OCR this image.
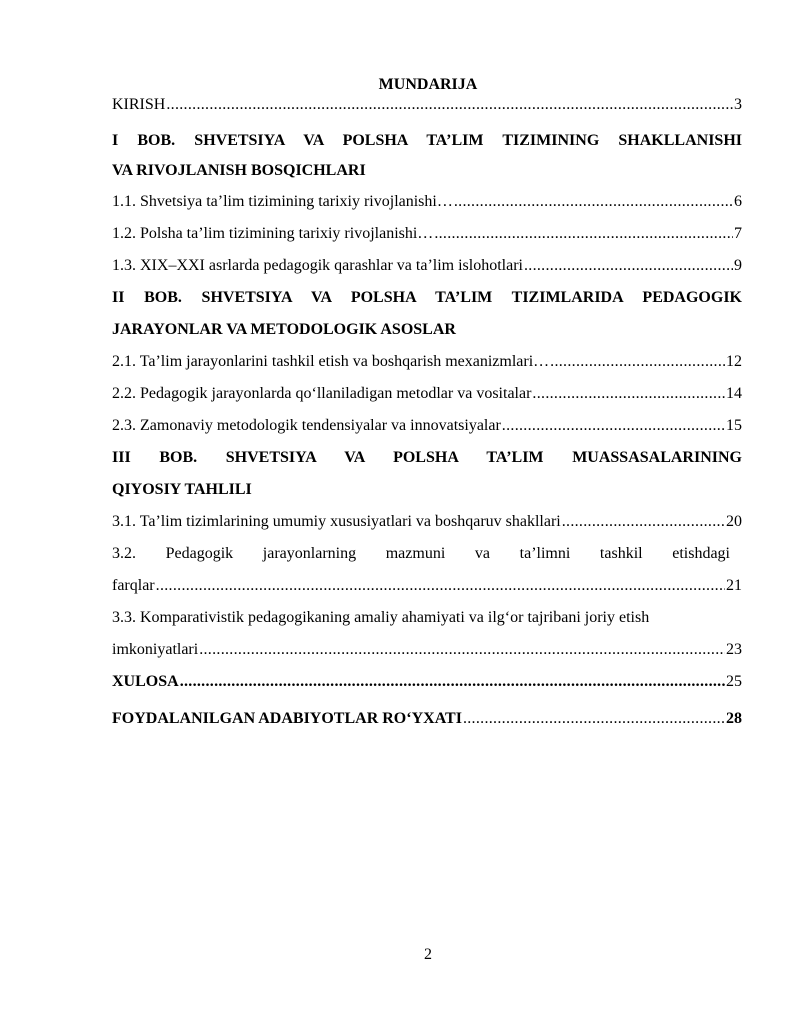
MUNDARIJA
KIRISH .....	3
I BOB. SHVETSIYA VA POLSHA TA’LIM TIZIMINING SHAKLLANISHI
VA RIVOJLANISH BOSQICHLARI
1.1. Shvetsiya ta’lim tizimining tarixiy rivojlanishi… .....	6
1.2. Polsha ta’lim tizimining tarixiy rivojlanishi… .....	7
1.3. XIX–XXI asrlarda pedagogik qarashlar va ta’lim islohotlari .....	9
II BOB. SHVETSIYA VA POLSHA TA’LIM TIZIMLARIDA PEDAGOGIK
JARAYONLAR VA METODOLOGIK ASOSLAR
2.1. Ta’lim jarayonlarini tashkil etish va boshqarish mexanizmlari… .....	12
2.2. Pedagogik jarayonlarda qo‘llaniladigan metodlar va vositalar .....	14
2.3. Zamonaviy metodologik tendensiyalar va innovatsiyalar .....	15
III BOB. SHVETSIYA VA POLSHA TA’LIM MUASSASALARINING
QIYOSIY TAHLILI
3.1. Ta’lim tizimlarining umumiy xususiyatlari va boshqaruv shakllari .....	20
3.2. Pedagogik jarayonlarning mazmuni va ta’limni tashkil etishdagi
farqlar .....	21
3.3. Komparativistik pedagogikaning amaliy ahamiyati va ilg‘or tajribani joriy etish
imkoniyatlari .....	23
XULOSA .....	25
FOYDALANILGAN ADABIYOTLAR RO‘YXATI .....	28
2
